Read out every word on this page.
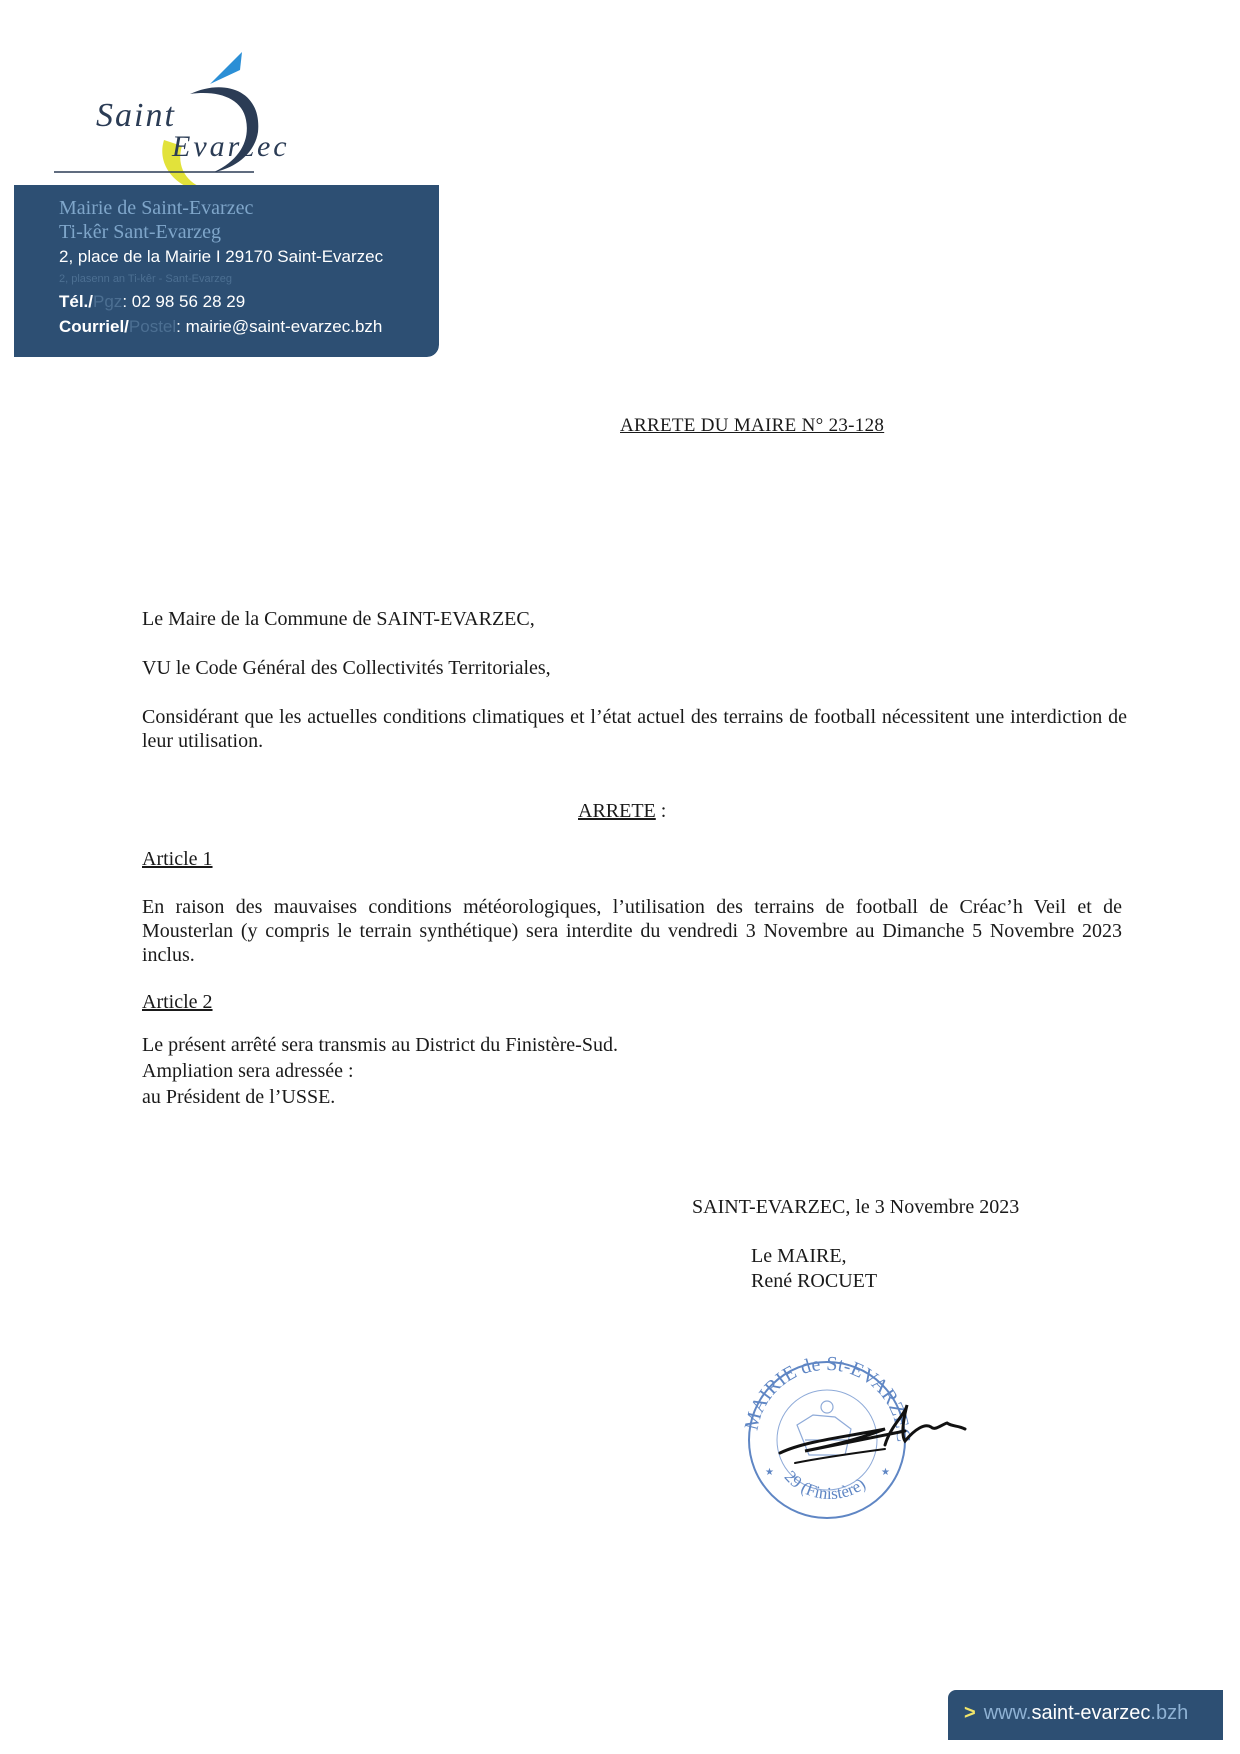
Saint
Evarzec
Mairie de Saint-Evarzec
Ti-kêr Sant-Evarzeg
2, place de la Mairie I 29170 Saint-Evarzec
2, plasenn an Ti-kêr - Sant-Evarzeg
Tél./Pgz: 02 98 56 28 29
Courriel/Postel: mairie@saint-evarzec.bzh
ARRETE DU MAIRE N° 23-128
Le Maire de la Commune de SAINT-EVARZEC,
VU le Code Général des Collectivités Territoriales,
Considérant que les actuelles conditions climatiques et l’état actuel des terrains de football nécessitent une interdiction de leur utilisation.
ARRETE :
Article 1
En raison des mauvaises conditions météorologiques, l’utilisation des terrains de football de Créac’h Veil et de Mousterlan (y compris le terrain synthétique) sera interdite du vendredi 3 Novembre au Dimanche 5 Novembre 2023 inclus.
Article 2
Le présent arrêté sera transmis au District du Finistère-Sud.
Ampliation sera adressée :
au Président de l’USSE.
SAINT-EVARZEC, le 3 Novembre 2023
Le MAIRE,
René ROCUET
MAIRIE de St-EVARZEC
29 (Finistère)
★	★
> www.saint-evarzec.bzh
